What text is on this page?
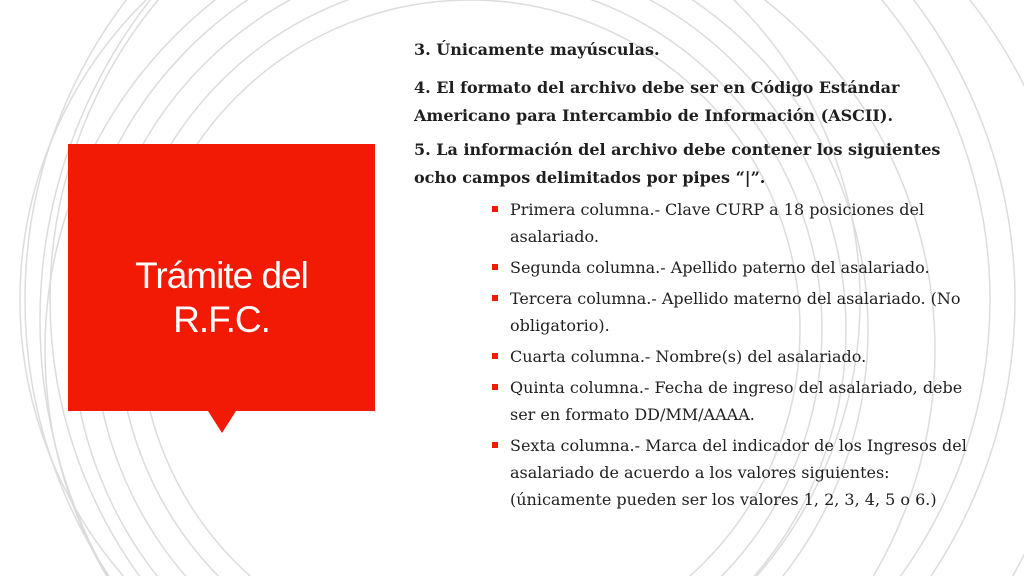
Trámite del
R.F.C.

3. Únicamente mayúsculas.

4. El formato del archivo debe ser en Código Estándar Americano para Intercambio de Información (ASCII).

5. La información del archivo debe contener los siguientes ocho campos delimitados por pipes “|”.

Primera columna.- Clave CURP a 18 posiciones del asalariado.
Segunda columna.- Apellido paterno del asalariado.
Tercera columna.- Apellido materno del asalariado. (No obligatorio).
Cuarta columna.- Nombre(s) del asalariado.
Quinta columna.- Fecha de ingreso del asalariado, debe ser en formato DD/MM/AAAA.
Sexta columna.- Marca del indicador de los Ingresos del asalariado de acuerdo a los valores siguientes: (únicamente pueden ser los valores 1, 2, 3, 4, 5 o 6.)
